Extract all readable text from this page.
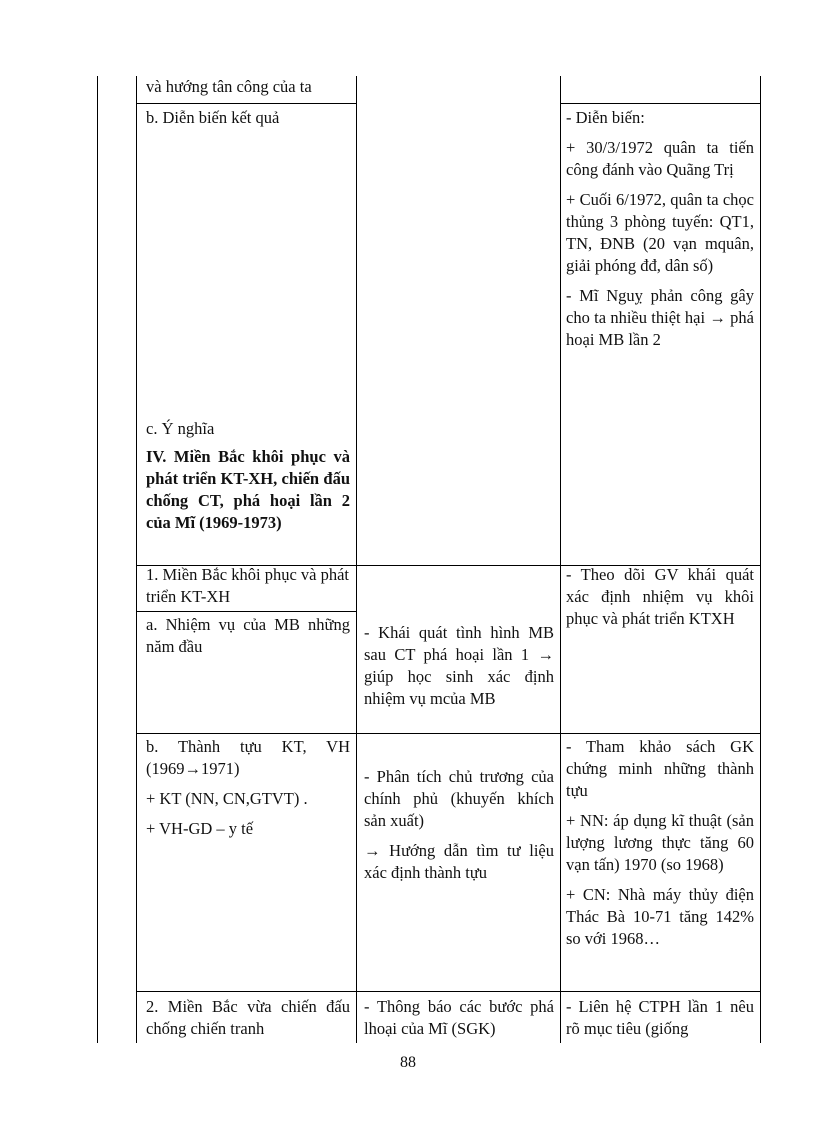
và hướng tân công của ta

b. Diễn biến kết quả

c. Ý nghĩa

IV. Miền Bắc khôi phục và phát triển KT-XH, chiến đấu chống CT, phá hoại lần 2 của Mĩ (1969-1973)

1. Miền Bắc khôi phục và phát triển KT-XH

a. Nhiệm vụ của MB những năm đầu

b. Thành tựu KT, VH (1969→1971)

+ KT (NN, CN,GTVT) .

+ VH-GD – y tế

2. Miền Bắc vừa chiến đấu chống chiến tranh

- Khái quát tình hình MB sau CT phá hoại lần 1 → giúp học sinh xác định nhiệm vụ mcủa MB

- Phân tích chủ trương của chính phủ (khuyến khích sản xuất)

→ Hướng dẫn tìm tư liệu xác định thành tựu

- Thông báo các bước phá lhoại của Mĩ (SGK)

- Diễn biến:

+ 30/3/1972 quân ta tiến công đánh vào Quãng Trị

+ Cuối 6/1972, quân ta chọc thủng 3 phòng tuyến: QT1, TN, ĐNB (20 vạn mquân, giải phóng đđ, dân số)

- Mĩ Nguỵ phản công gây cho ta nhiều thiệt hại → phá hoại MB lần 2

- Theo dõi GV khái quát xác định nhiệm vụ khôi phục và phát triển KTXH

- Tham khảo sách GK chứng minh những thành tựu

+ NN: áp dụng kĩ thuật (sản lượng lương thực tăng 60 vạn tấn) 1970 (so 1968)

+ CN: Nhà máy thủy điện Thác Bà 10-71 tăng 142% so với 1968…

- Liên hệ CTPH lần 1 nêu rõ mục tiêu (giống

88
